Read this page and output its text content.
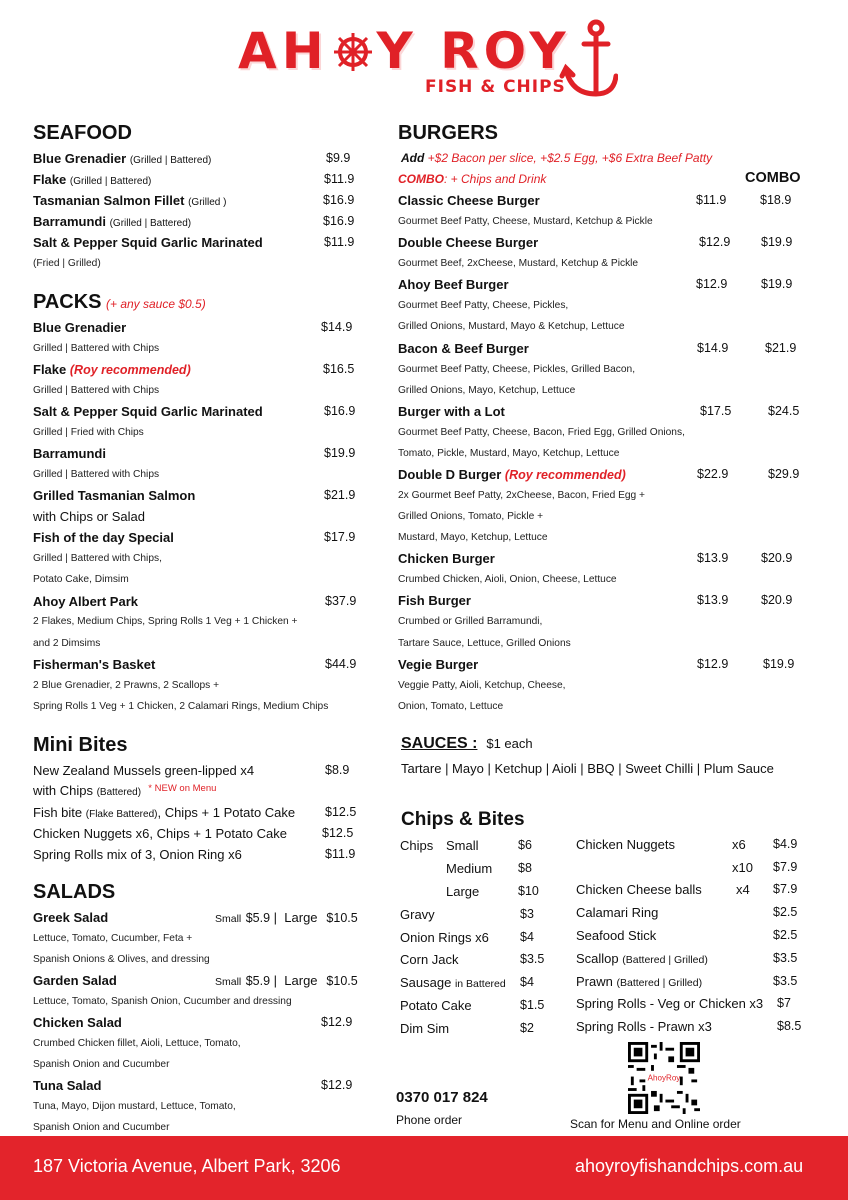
AH Y ROY
FISH & CHIPS
SEAFOOD
Blue Grenadier (Grilled | Battered)	$9.9
Flake (Grilled | Battered)	$11.9
Tasmanian Salmon Fillet (Grilled )	$16.9
Barramundi (Grilled | Battered)	$16.9
Salt & Pepper Squid Garlic Marinated	$11.9
(Fried | Grilled)
PACKS (+ any sauce $0.5)
Blue Grenadier	$14.9
Grilled | Battered with Chips
Flake (Roy recommended)	$16.5
Grilled | Battered with Chips
Salt & Pepper Squid Garlic Marinated	$16.9
Grilled | Fried with Chips
Barramundi	$19.9
Grilled | Battered with Chips
Grilled Tasmanian Salmon	$21.9
with Chips or Salad
Fish of the day Special	$17.9
Grilled | Battered with Chips,
Potato Cake, Dimsim
Ahoy Albert Park	$37.9
2 Flakes, Medium Chips, Spring Rolls 1 Veg + 1 Chicken +
and 2 Dimsims
Fisherman's Basket	$44.9
2 Blue Grenadier, 2 Prawns, 2 Scallops +
Spring Rolls 1 Veg + 1 Chicken, 2 Calamari Rings, Medium Chips
Mini Bites
New Zealand Mussels green-lipped x4	$8.9
with Chips (Battered) $^{* NEW on Menu}$
Fish bite (Flake Battered), Chips + 1 Potato Cake $12.5
Chicken Nuggets x6, Chips + 1 Potato Cake	$12.5
Spring Rolls mix of 3, Onion Ring x6	$11.9
SALADS
Greek Salad	Small $5.9 |  Large $10.5
Lettuce, Tomato, Cucumber, Feta +
Spanish Onions & Olives, and dressing
Garden Salad	Small $5.9 |  Large $10.5
Lettuce, Tomato, Spanish Onion, Cucumber and dressing
Chicken Salad	$12.9
Crumbed Chicken fillet, Aioli, Lettuce, Tomato,
Spanish Onion and Cucumber
Tuna Salad	$12.9
Tuna, Mayo, Dijon mustard, Lettuce, Tomato,
Spanish Onion and Cucumber
BURGERS
Add +$2 Bacon per slice, +$2.5 Egg, +$6 Extra Beef Patty
COMBO: + Chips and Drink	COMBO
Classic Cheese Burger	$11.9	$18.9
Gourmet Beef Patty, Cheese, Mustard, Ketchup & Pickle
Double Cheese Burger	$12.9 $19.9
Gourmet Beef, 2xCheese, Mustard, Ketchup & Pickle
Ahoy Beef Burger	$12.9	$19.9
Gourmet Beef Patty, Cheese, Pickles,
Grilled Onions, Mustard, Mayo & Ketchup, Lettuce
Bacon & Beef Burger	$14.9	$21.9
Gourmet Beef Patty, Cheese, Pickles, Grilled Bacon,
Grilled Onions, Mayo, Ketchup, Lettuce
Burger with a Lot	$17.5	$24.5
Gourmet Beef Patty, Cheese, Bacon, Fried Egg, Grilled Onions,
Tomato, Pickle, Mustard, Mayo, Ketchup, Lettuce
Double D Burger (Roy recommended)	$22.9	$29.9
2x Gourmet Beef Patty, 2xCheese, Bacon, Fried Egg +
Grilled Onions, Tomato, Pickle +
Mustard, Mayo, Ketchup, Lettuce
Chicken Burger	$13.9	$20.9
Crumbed Chicken, Aioli, Onion, Cheese, Lettuce
Fish Burger	$13.9	$20.9
Crumbed or Grilled Barramundi,
Tartare Sauce, Lettuce, Grilled Onions
Vegie Burger	$12.9	$19.9
Veggie Patty, Aioli, Ketchup, Cheese,
Onion, Tomato, Lettuce
SAUCES : $1 each
Tartare | Mayo | Ketchup | Aioli | BBQ | Sweet Chilli | Plum Sauce
Chips & Bites
Chips Small	$6
Medium $8
Large	$10
Gravy	$3
Onion Rings x6 $4
Corn Jack	$3.5
Sausage in Battered $4
Potato Cake	$1.5
Dim Sim	$2
Chicken Nuggets	x6 $4.9
x10 $7.9
Chicken Cheese balls	x4 $7.9
Calamari Ring	$2.5
Seafood Stick	$2.5
Scallop (Battered | Grilled)	$3.5
Prawn (Battered | Grilled)	$3.5
Spring Rolls - Veg or Chicken x3 $7
Spring Rolls - Prawn x3	$8.5
0370 017 824
Phone order
AhoyRoy
Scan for Menu and Online order
187 Victoria Avenue, Albert Park, 3206	ahoyroyfishandchips.com.au
